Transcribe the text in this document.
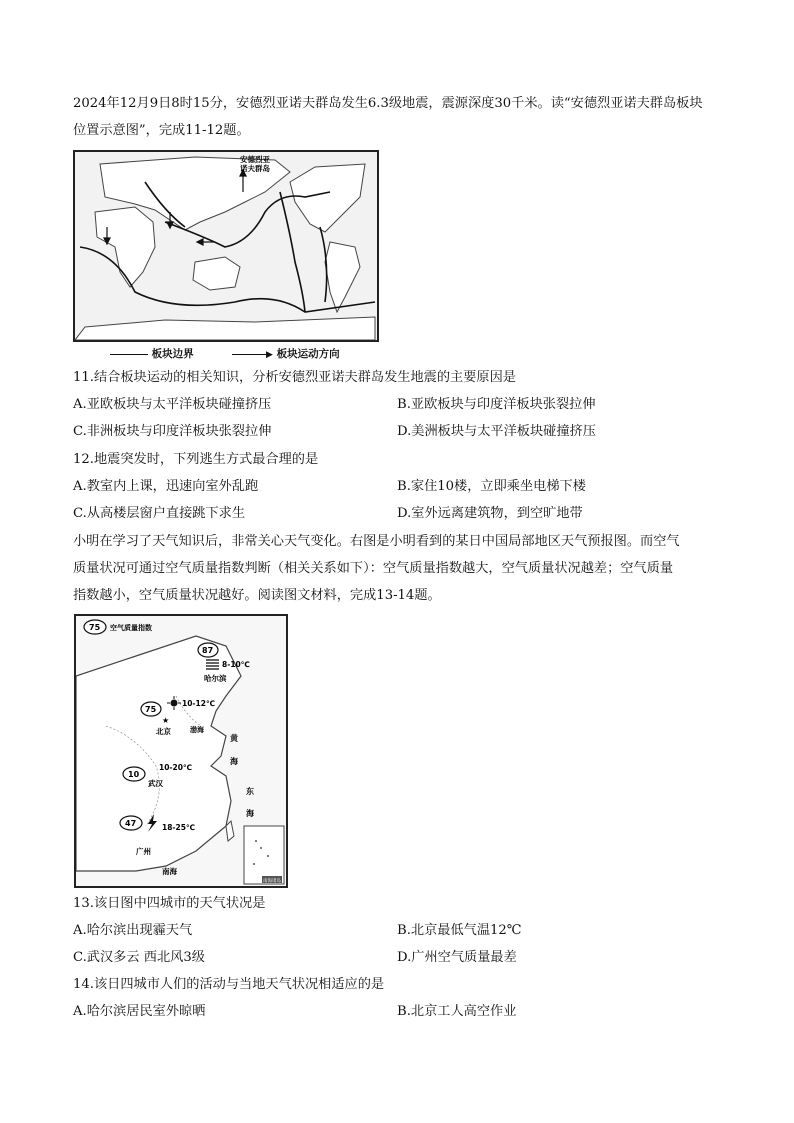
2024年12月9日8时15分，安德烈亚诺夫群岛发生6.3级地震，震源深度30千米。读“安德烈亚诺夫群岛板块
位置示意图”，完成11-12题。
安德烈亚
诺夫群岛
板块边界	▶ 板块运动方向
11.结合板块运动的相关知识，分析安德烈亚诺夫群岛发生地震的主要原因是
A.亚欧板块与太平洋板块碰撞挤压	B.亚欧板块与印度洋板块张裂拉伸
C.非洲板块与印度洋板块张裂拉伸	D.美洲板块与太平洋板块碰撞挤压
12.地震突发时，下列逃生方式最合理的是
A.教室内上课，迅速向室外乱跑	B.家住10楼，立即乘坐电梯下楼
C.从高楼层窗户直接跳下求生	D.室外远离建筑物，到空旷地带
小明在学习了天气知识后，非常关心天气变化。右图是小明看到的某日中国局部地区天气预报图。而空气
质量状况可通过空气质量指数判断（相关关系如下）：空气质量指数越大，空气质量状况越差；空气质量
指数越小，空气质量状况越好。阅读图文材料，完成13-14题。
南海诸岛
75 空气质量指数
87
8-10℃
哈尔滨
75
10-12℃
★
北京	渤海
黄
海
东
海
10
10-20℃
武汉
47	18-25℃
广州
南海
13.该日图中四城市的天气状况是
A.哈尔滨出现霾天气	B.北京最低气温12℃
C.武汉多云 西北风3级	D.广州空气质量最差
14.该日四城市人们的活动与当地天气状况相适应的是
A.哈尔滨居民室外晾晒	B.北京工人高空作业
